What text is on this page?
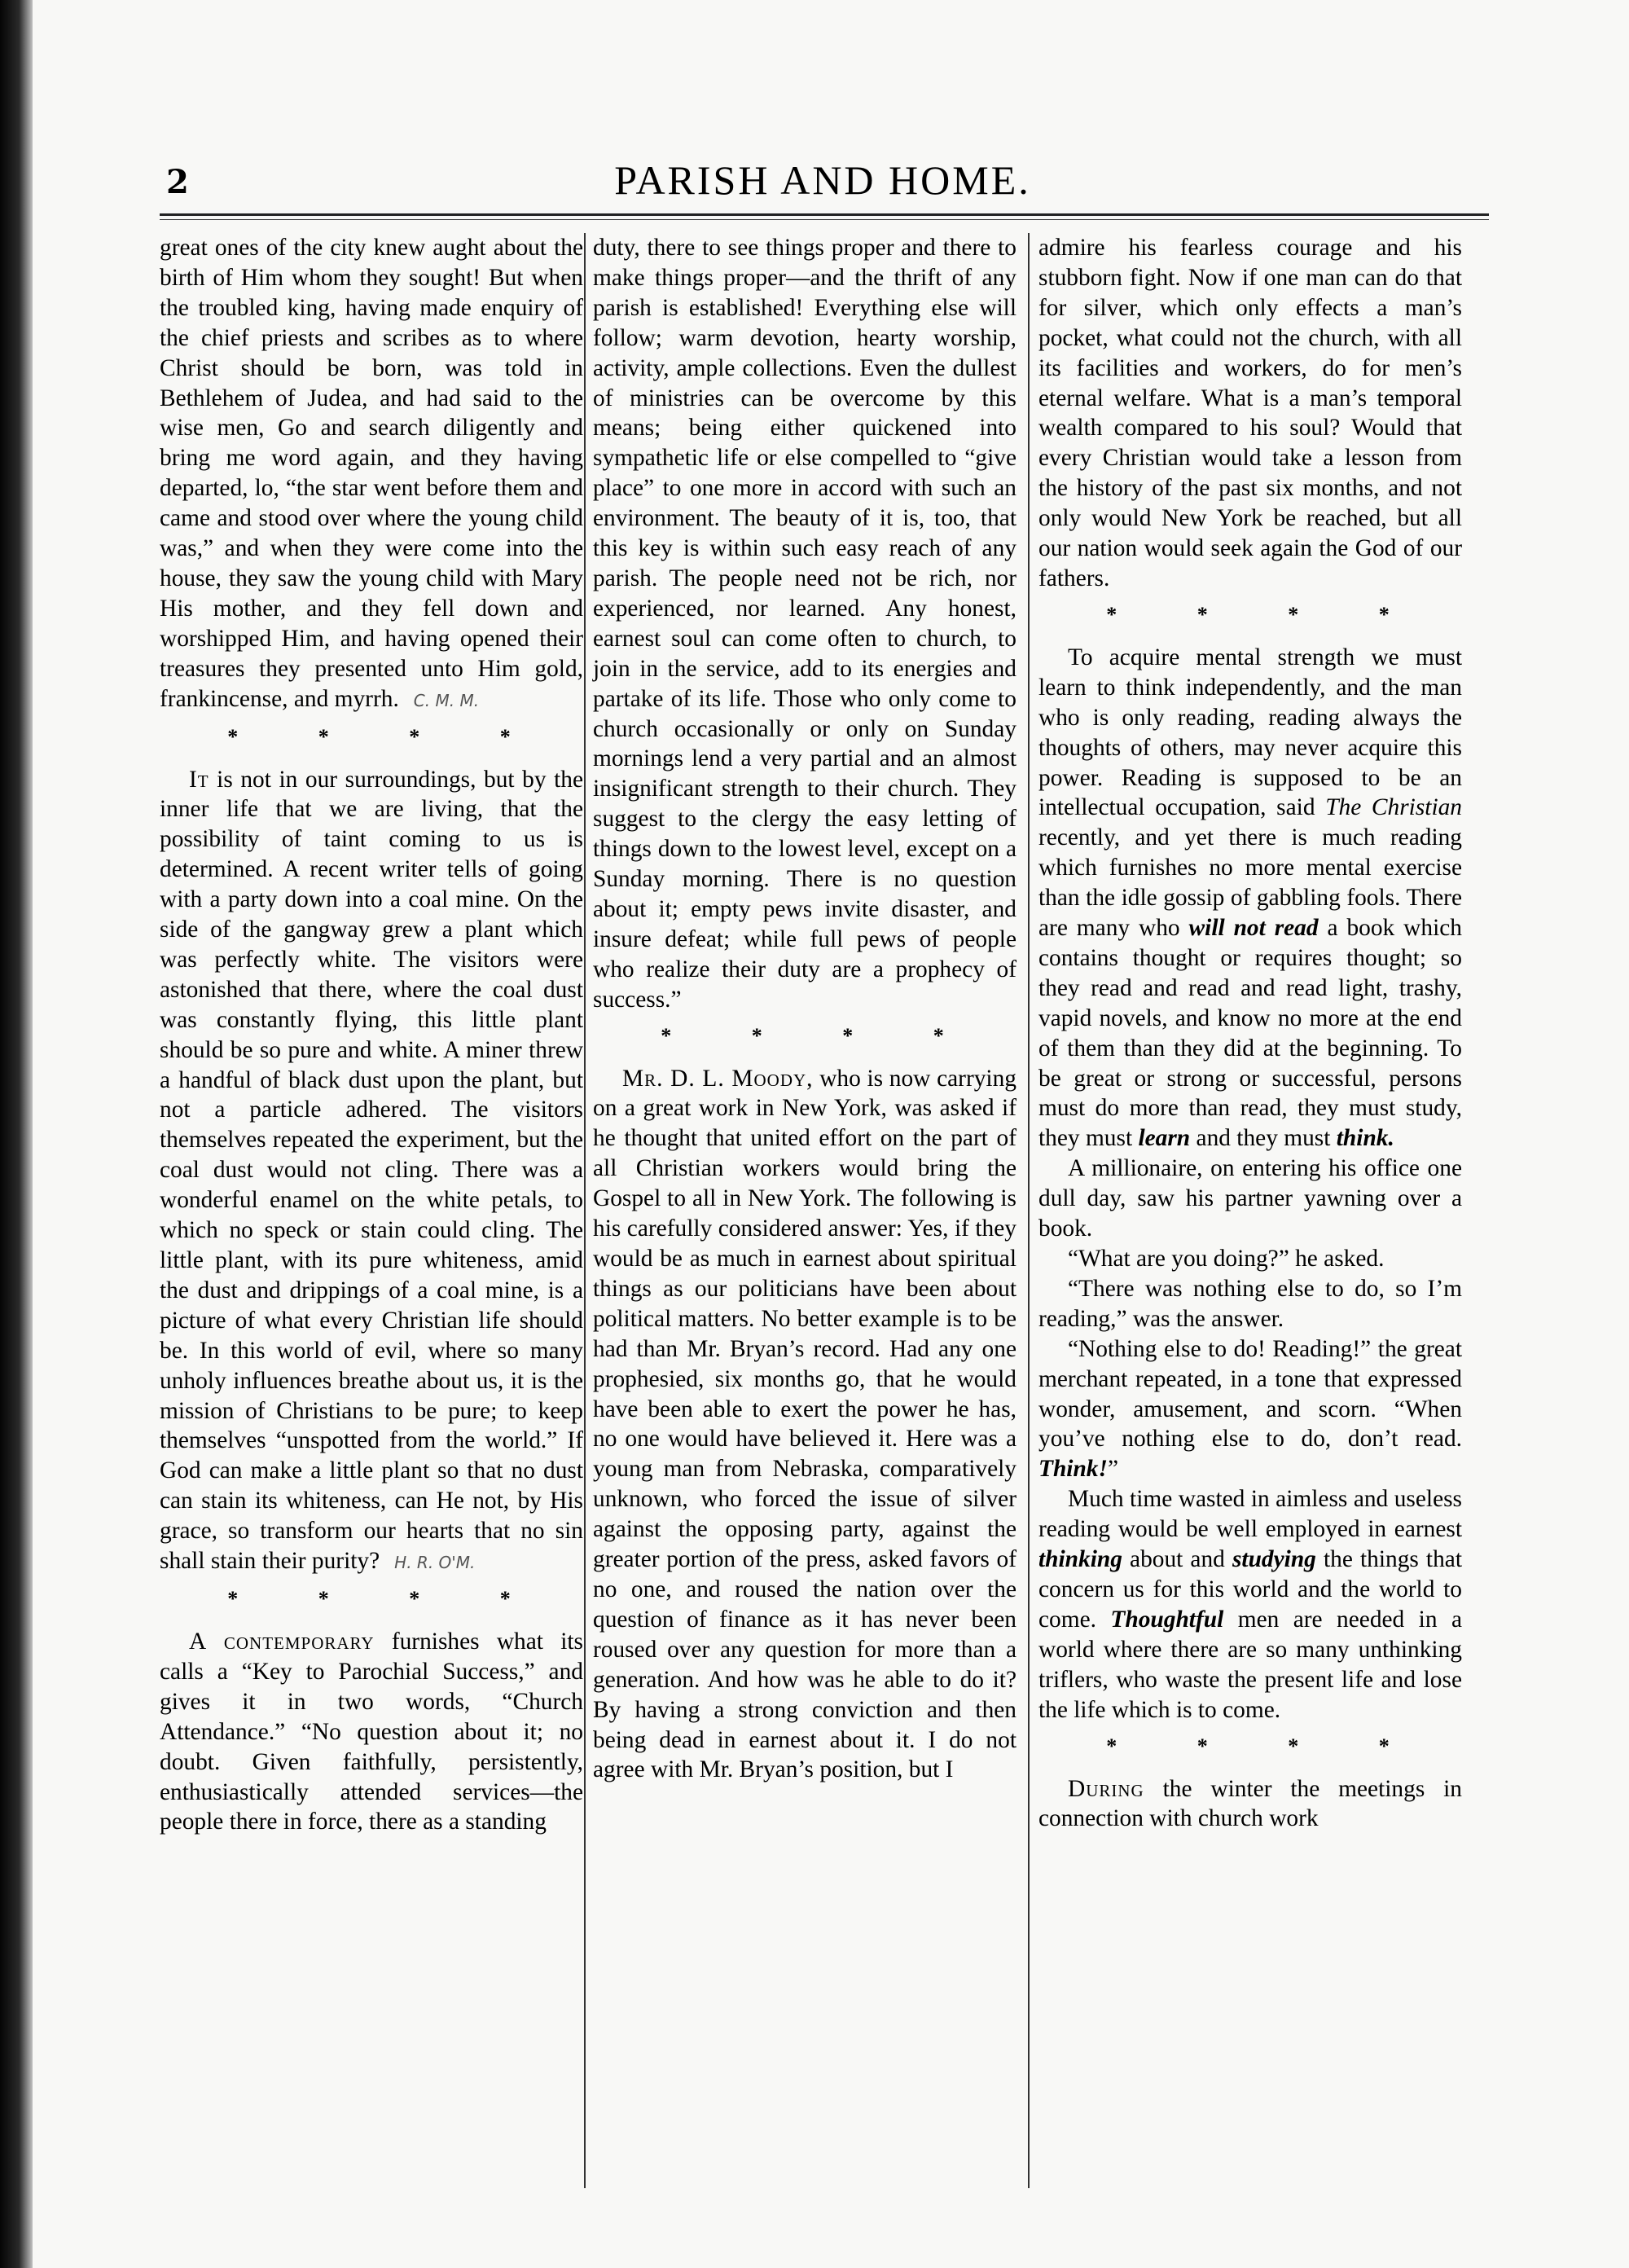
2	PARISH AND HOME.

great ones of the city knew aught about the birth of Him whom they sought! But when the troubled king, having made enquiry of the chief priests and scribes as to where Christ should be born, was told in Bethlehem of Judea, and had said to the wise men, Go and search diligently and bring me word again, and they having departed, lo, “the star went before them and came and stood over where the young child was,” and when they were come into the house, they saw the young child with Mary His mother, and they fell down and worshipped Him, and having opened their treasures they presented unto Him gold, frankincense, and myrrh. C. M. M.

* * * *

It is not in our surroundings, but by the inner life that we are living, that the possibility of taint coming to us is determined. A recent writer tells of going with a party down into a coal mine. On the side of the gangway grew a plant which was perfectly white. The visitors were astonished that there, where the coal dust was constantly flying, this little plant should be so pure and white. A miner threw a handful of black dust upon the plant, but not a particle adhered. The visitors themselves repeated the experiment, but the coal dust would not cling. There was a wonderful enamel on the white petals, to which no speck or stain could cling. The little plant, with its pure whiteness, amid the dust and drippings of a coal mine, is a picture of what every Christian life should be. In this world of evil, where so many unholy influences breathe about us, it is the mission of Christians to be pure; to keep themselves “unspotted from the world.” If God can make a little plant so that no dust can stain its whiteness, can He not, by His grace, so transform our hearts that no sin shall stain their purity? H. R. O'M.

* * * *

A contemporary furnishes what its calls a “Key to Parochial Success,” and gives it in two words, “Church Attendance.” “No question about it; no doubt. Given faithfully, persistently, enthusiastically attended services—the people there in force, there as a standing

duty, there to see things proper and there to make things proper—and the thrift of any parish is established! Everything else will follow; warm devotion, hearty worship, activity, ample collections. Even the dullest of ministries can be overcome by this means; being either quickened into sympathetic life or else compelled to “give place” to one more in accord with such an environment. The beauty of it is, too, that this key is within such easy reach of any parish. The people need not be rich, nor experienced, nor learned. Any honest, earnest soul can come often to church, to join in the service, add to its energies and partake of its life. Those who only come to church occasionally or only on Sunday mornings lend a very partial and an almost insignificant strength to their church. They suggest to the clergy the easy letting of things down to the lowest level, except on a Sunday morning. There is no question about it; empty pews invite disaster, and insure defeat; while full pews of people who realize their duty are a prophecy of success.”

* * * *

Mr. D. L. Moody, who is now carrying on a great work in New York, was asked if he thought that united effort on the part of all Christian workers would bring the Gospel to all in New York. The following is his carefully considered answer: Yes, if they would be as much in earnest about spiritual things as our politicians have been about political matters. No better example is to be had than Mr. Bryan’s record. Had any one prophesied, six months go, that he would have been able to exert the power he has, no one would have believed it. Here was a young man from Nebraska, comparatively unknown, who forced the issue of silver against the opposing party, against the greater portion of the press, asked favors of no one, and roused the nation over the question of finance as it has never been roused over any question for more than a generation. And how was he able to do it? By having a strong conviction and then being dead in earnest about it. I do not agree with Mr. Bryan’s position, but I

admire his fearless courage and his stubborn fight. Now if one man can do that for silver, which only effects a man’s pocket, what could not the church, with all its facilities and workers, do for men’s eternal welfare. What is a man’s temporal wealth compared to his soul? Would that every Christian would take a lesson from the history of the past six months, and not only would New York be reached, but all our nation would seek again the God of our fathers.

* * * *

To acquire mental strength we must learn to think independently, and the man who is only reading, reading always the thoughts of others, may never acquire this power. Reading is supposed to be an intellectual occupation, said The Christian recently, and yet there is much reading which furnishes no more mental exercise than the idle gossip of gabbling fools. There are many who will not read a book which contains thought or requires thought; so they read and read and read light, trashy, vapid novels, and know no more at the end of them than they did at the beginning. To be great or strong or successful, persons must do more than read, they must study, they must learn and they must think.

A millionaire, on entering his office one dull day, saw his partner yawning over a book.

“What are you doing?” he asked.

“There was nothing else to do, so I’m reading,” was the answer.

“Nothing else to do! Reading!” the great merchant repeated, in a tone that expressed wonder, amusement, and scorn. “When you’ve nothing else to do, don’t read. Think!”

Much time wasted in aimless and useless reading would be well employed in earnest thinking about and studying the things that concern us for this world and the world to come. Thoughtful men are needed in a world where there are so many unthinking triflers, who waste the present life and lose the life which is to come.

* * * *

During the winter the meetings in connection with church work
